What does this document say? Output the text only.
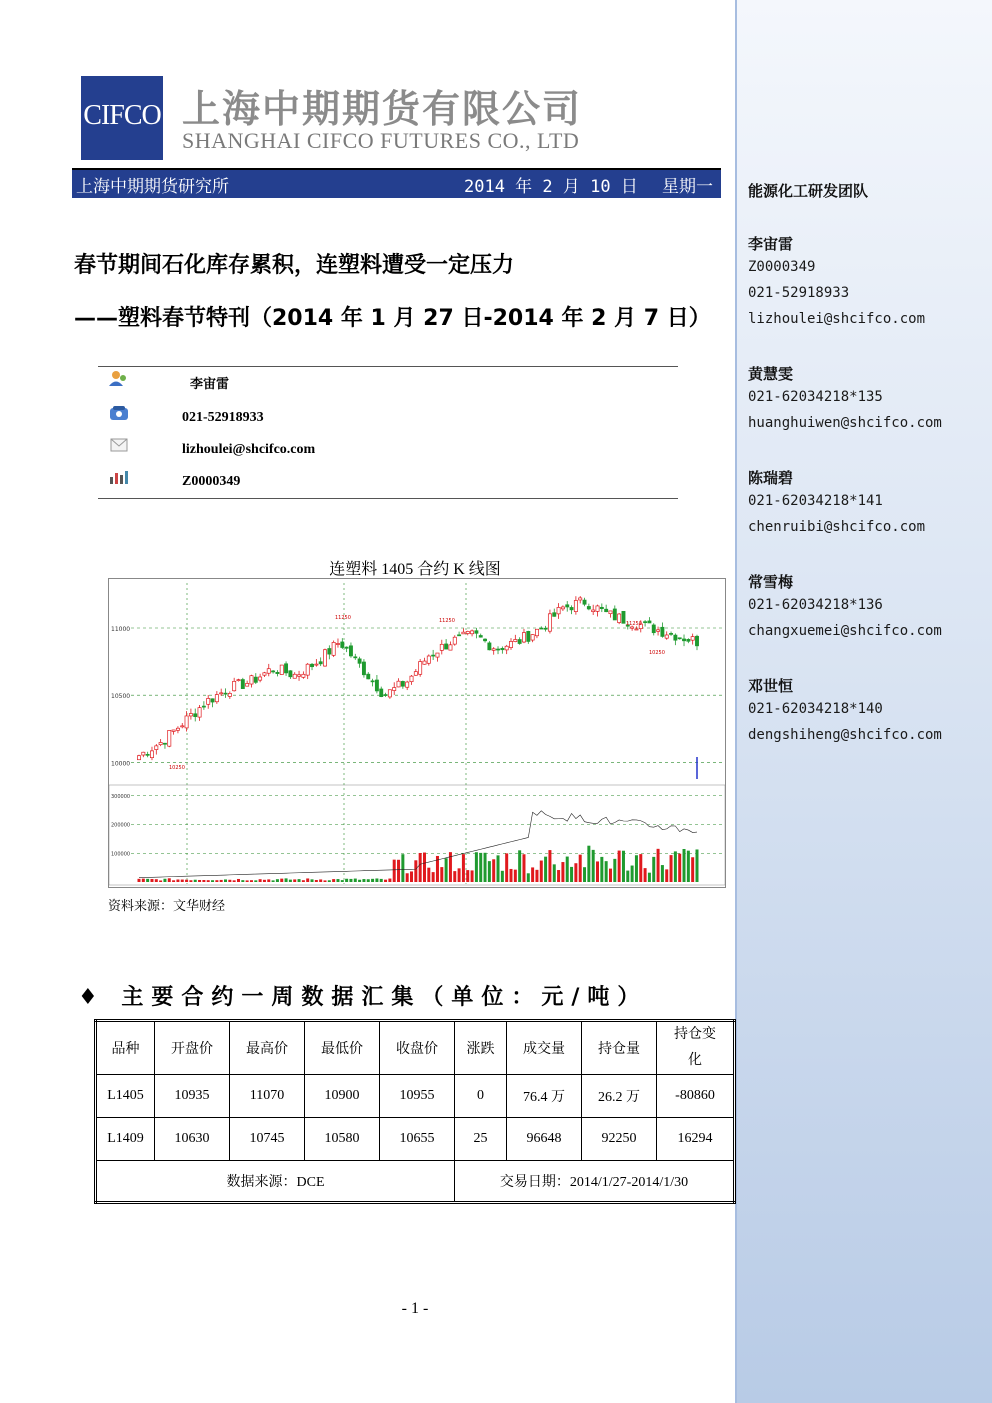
能源化工研发团队
李宙雷
Z0000349
021-52918933
lizhoulei@shcifco.com
黄慧雯
021-62034218*135
huanghuiwen@shcifco.com
陈瑞碧
021-62034218*141
chenruibi@shcifco.com
常雪梅
021-62034218*136
changxuemei@shcifco.com
邓世恒
021-62034218*140
dengshiheng@shcifco.com
CIFCO 上海中期期货有限公司
SHANGHAI CIFCO FUTURES CO., LTD
上海中期期货研究所	2014 年 2 月 10 日 星期一
春节期间石化库存累积，连塑料遭受一定压力
——塑料春节特刊（2014 年 1 月 27 日-2014 年 2 月 7 日）
李宙雷
021-52918933
lizhoulei@shcifco.com
Z0000349
连塑料 1405 合约 K 线图
11000
10500
10000
11250	11250	11250
10250
10250
300000
200000
100000
资料来源：文华财经
♦ 主要合约一周数据汇集（单位：元/吨）
品种	开盘价	最高价	最低价	收盘价	涨跌	成交量	持仓量	持仓变
化
L1405	10935	11070	10900	10955	0	76.4 万	26.2 万	-80860
L1409	10630	10745	10580	10655	25	96648	92250	16294
数据来源：DCE					交易日期：2014/1/27-2014/1/30			
- 1 -
